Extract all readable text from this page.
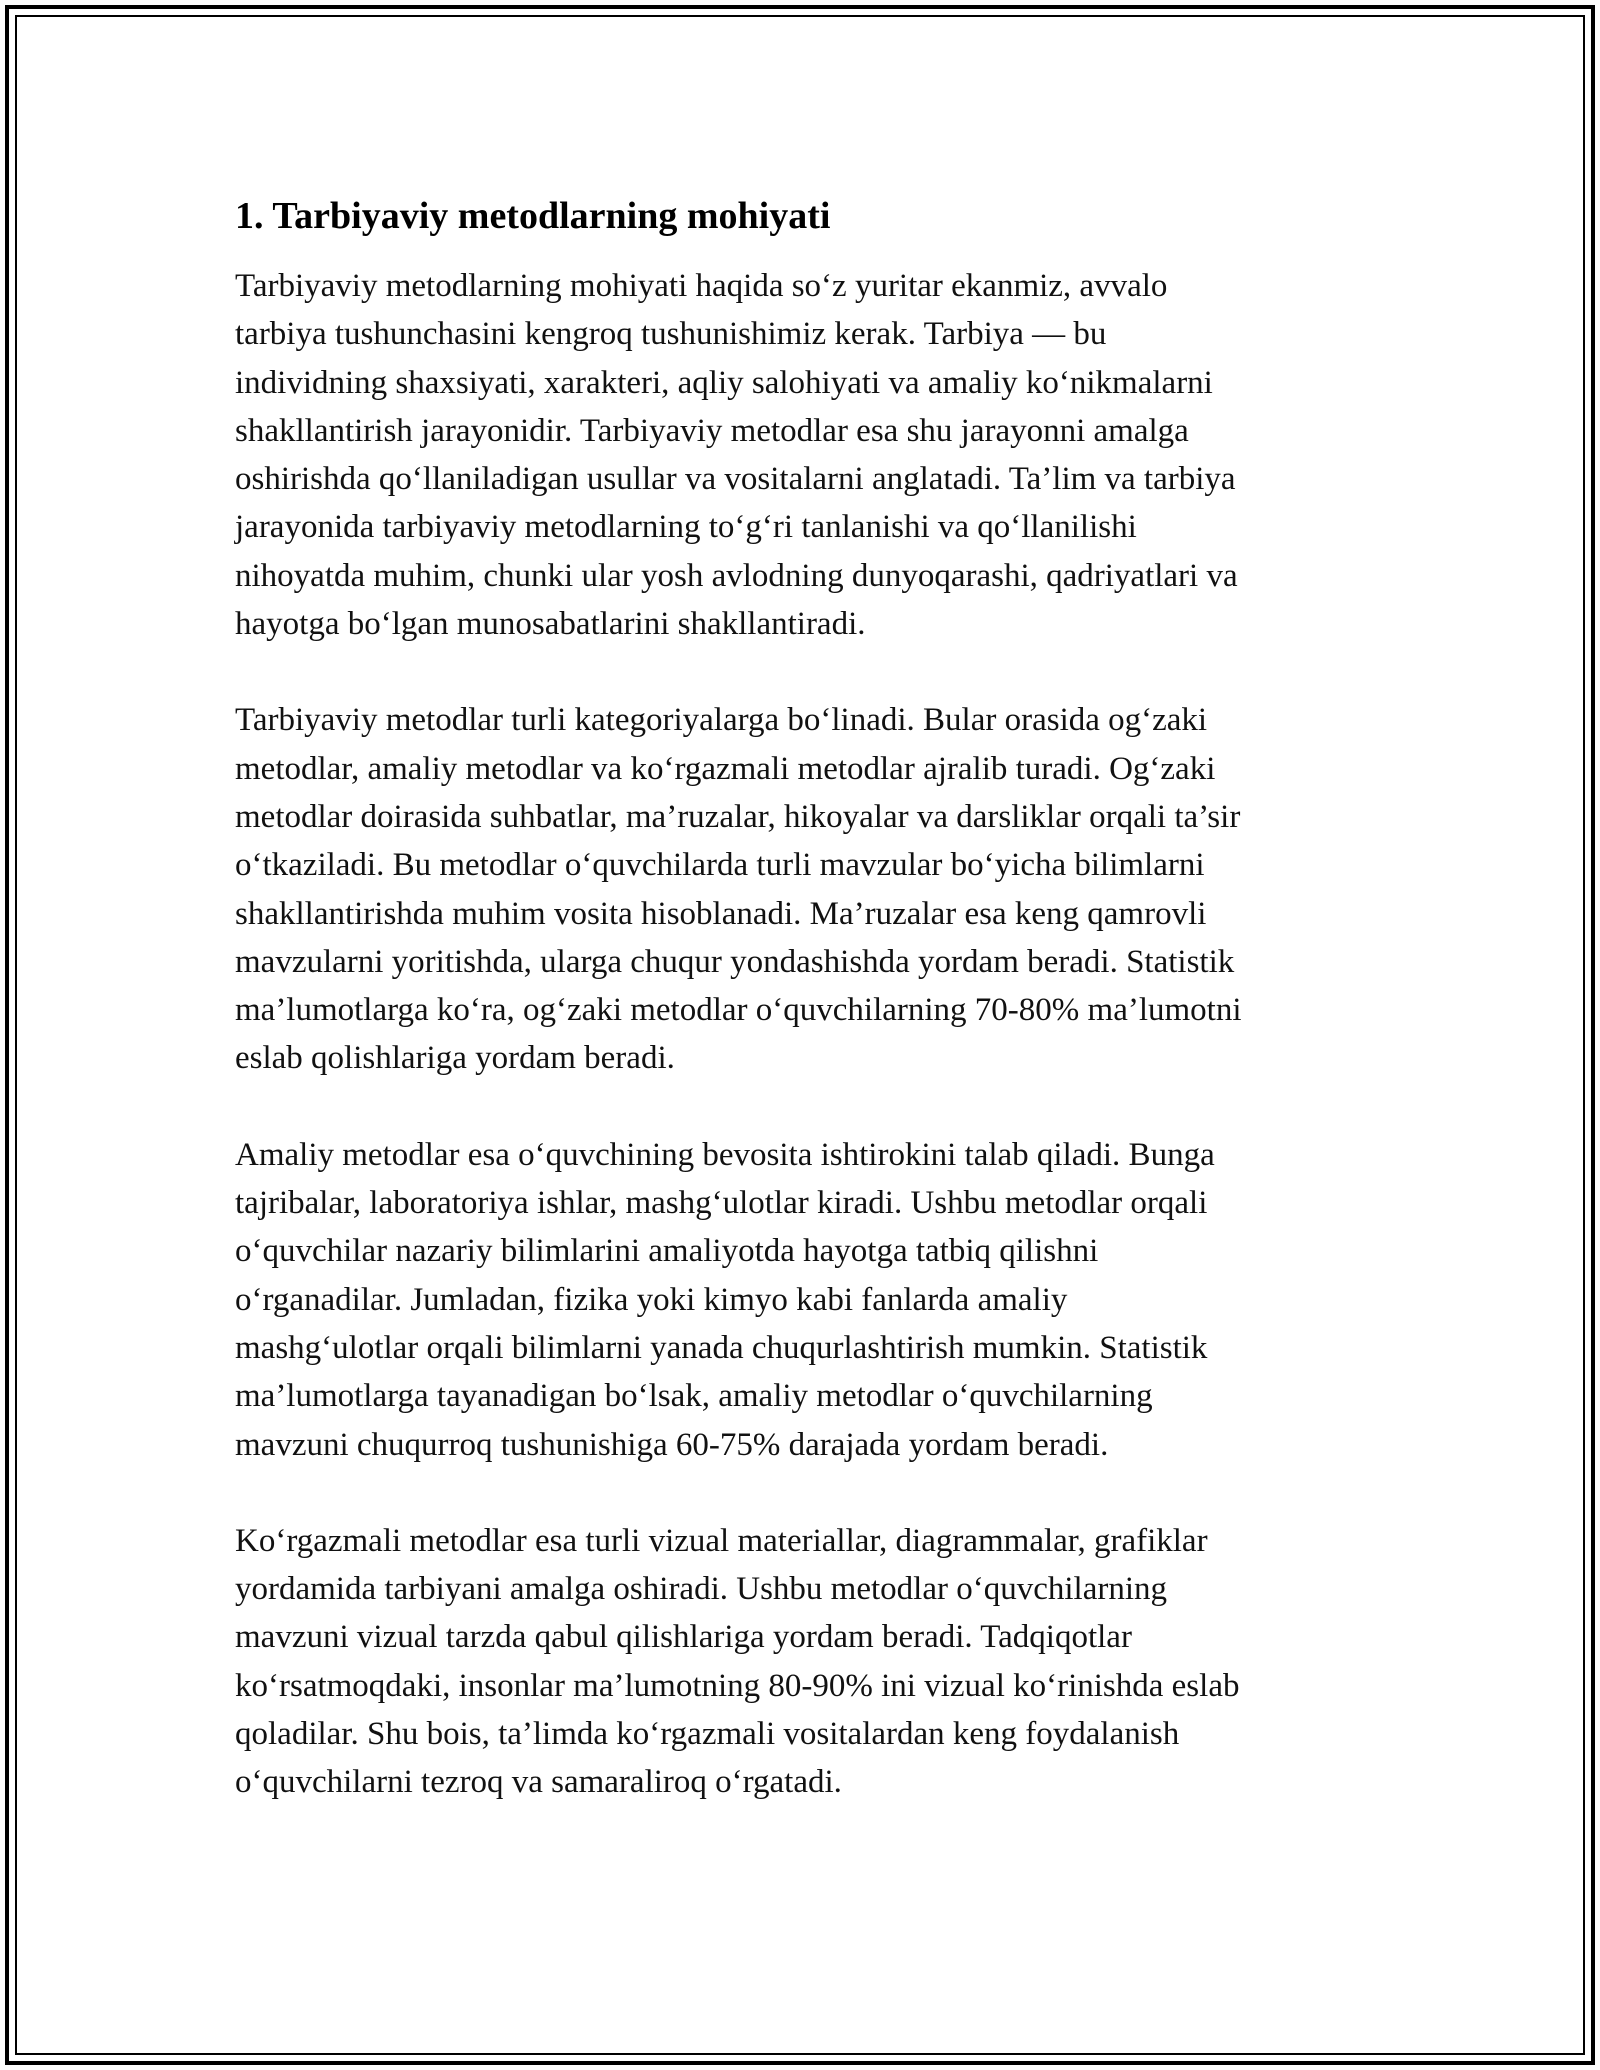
1. Tarbiyaviy metodlarning mohiyati

Tarbiyaviy metodlarning mohiyati haqida so‘z yuritar ekanmiz, avvalo
tarbiya tushunchasini kengroq tushunishimiz kerak. Tarbiya — bu
individning shaxsiyati, xarakteri, aqliy salohiyati va amaliy ko‘nikmalarni
shakllantirish jarayonidir. Tarbiyaviy metodlar esa shu jarayonni amalga
oshirishda qo‘llaniladigan usullar va vositalarni anglatadi. Ta’lim va tarbiya
jarayonida tarbiyaviy metodlarning to‘g‘ri tanlanishi va qo‘llanilishi
nihoyatda muhim, chunki ular yosh avlodning dunyoqarashi, qadriyatlari va
hayotga bo‘lgan munosabatlarini shakllantiradi.

Tarbiyaviy metodlar turli kategoriyalarga bo‘linadi. Bular orasida og‘zaki
metodlar, amaliy metodlar va ko‘rgazmali metodlar ajralib turadi. Og‘zaki
metodlar doirasida suhbatlar, ma’ruzalar, hikoyalar va darsliklar orqali ta’sir
o‘tkaziladi. Bu metodlar o‘quvchilarda turli mavzular bo‘yicha bilimlarni
shakllantirishda muhim vosita hisoblanadi. Ma’ruzalar esa keng qamrovli
mavzularni yoritishda, ularga chuqur yondashishda yordam beradi. Statistik
ma’lumotlarga ko‘ra, og‘zaki metodlar o‘quvchilarning 70-80% ma’lumotni
eslab qolishlariga yordam beradi.

Amaliy metodlar esa o‘quvchining bevosita ishtirokini talab qiladi. Bunga
tajribalar, laboratoriya ishlar, mashg‘ulotlar kiradi. Ushbu metodlar orqali
o‘quvchilar nazariy bilimlarini amaliyotda hayotga tatbiq qilishni
o‘rganadilar. Jumladan, fizika yoki kimyo kabi fanlarda amaliy
mashg‘ulotlar orqali bilimlarni yanada chuqurlashtirish mumkin. Statistik
ma’lumotlarga tayanadigan bo‘lsak, amaliy metodlar o‘quvchilarning
mavzuni chuqurroq tushunishiga 60-75% darajada yordam beradi.

Ko‘rgazmali metodlar esa turli vizual materiallar, diagrammalar, grafiklar
yordamida tarbiyani amalga oshiradi. Ushbu metodlar o‘quvchilarning
mavzuni vizual tarzda qabul qilishlariga yordam beradi. Tadqiqotlar
ko‘rsatmoqdaki, insonlar ma’lumotning 80-90% ini vizual ko‘rinishda eslab
qoladilar. Shu bois, ta’limda ko‘rgazmali vositalardan keng foydalanish
o‘quvchilarni tezroq va samaraliroq o‘rgatadi.
